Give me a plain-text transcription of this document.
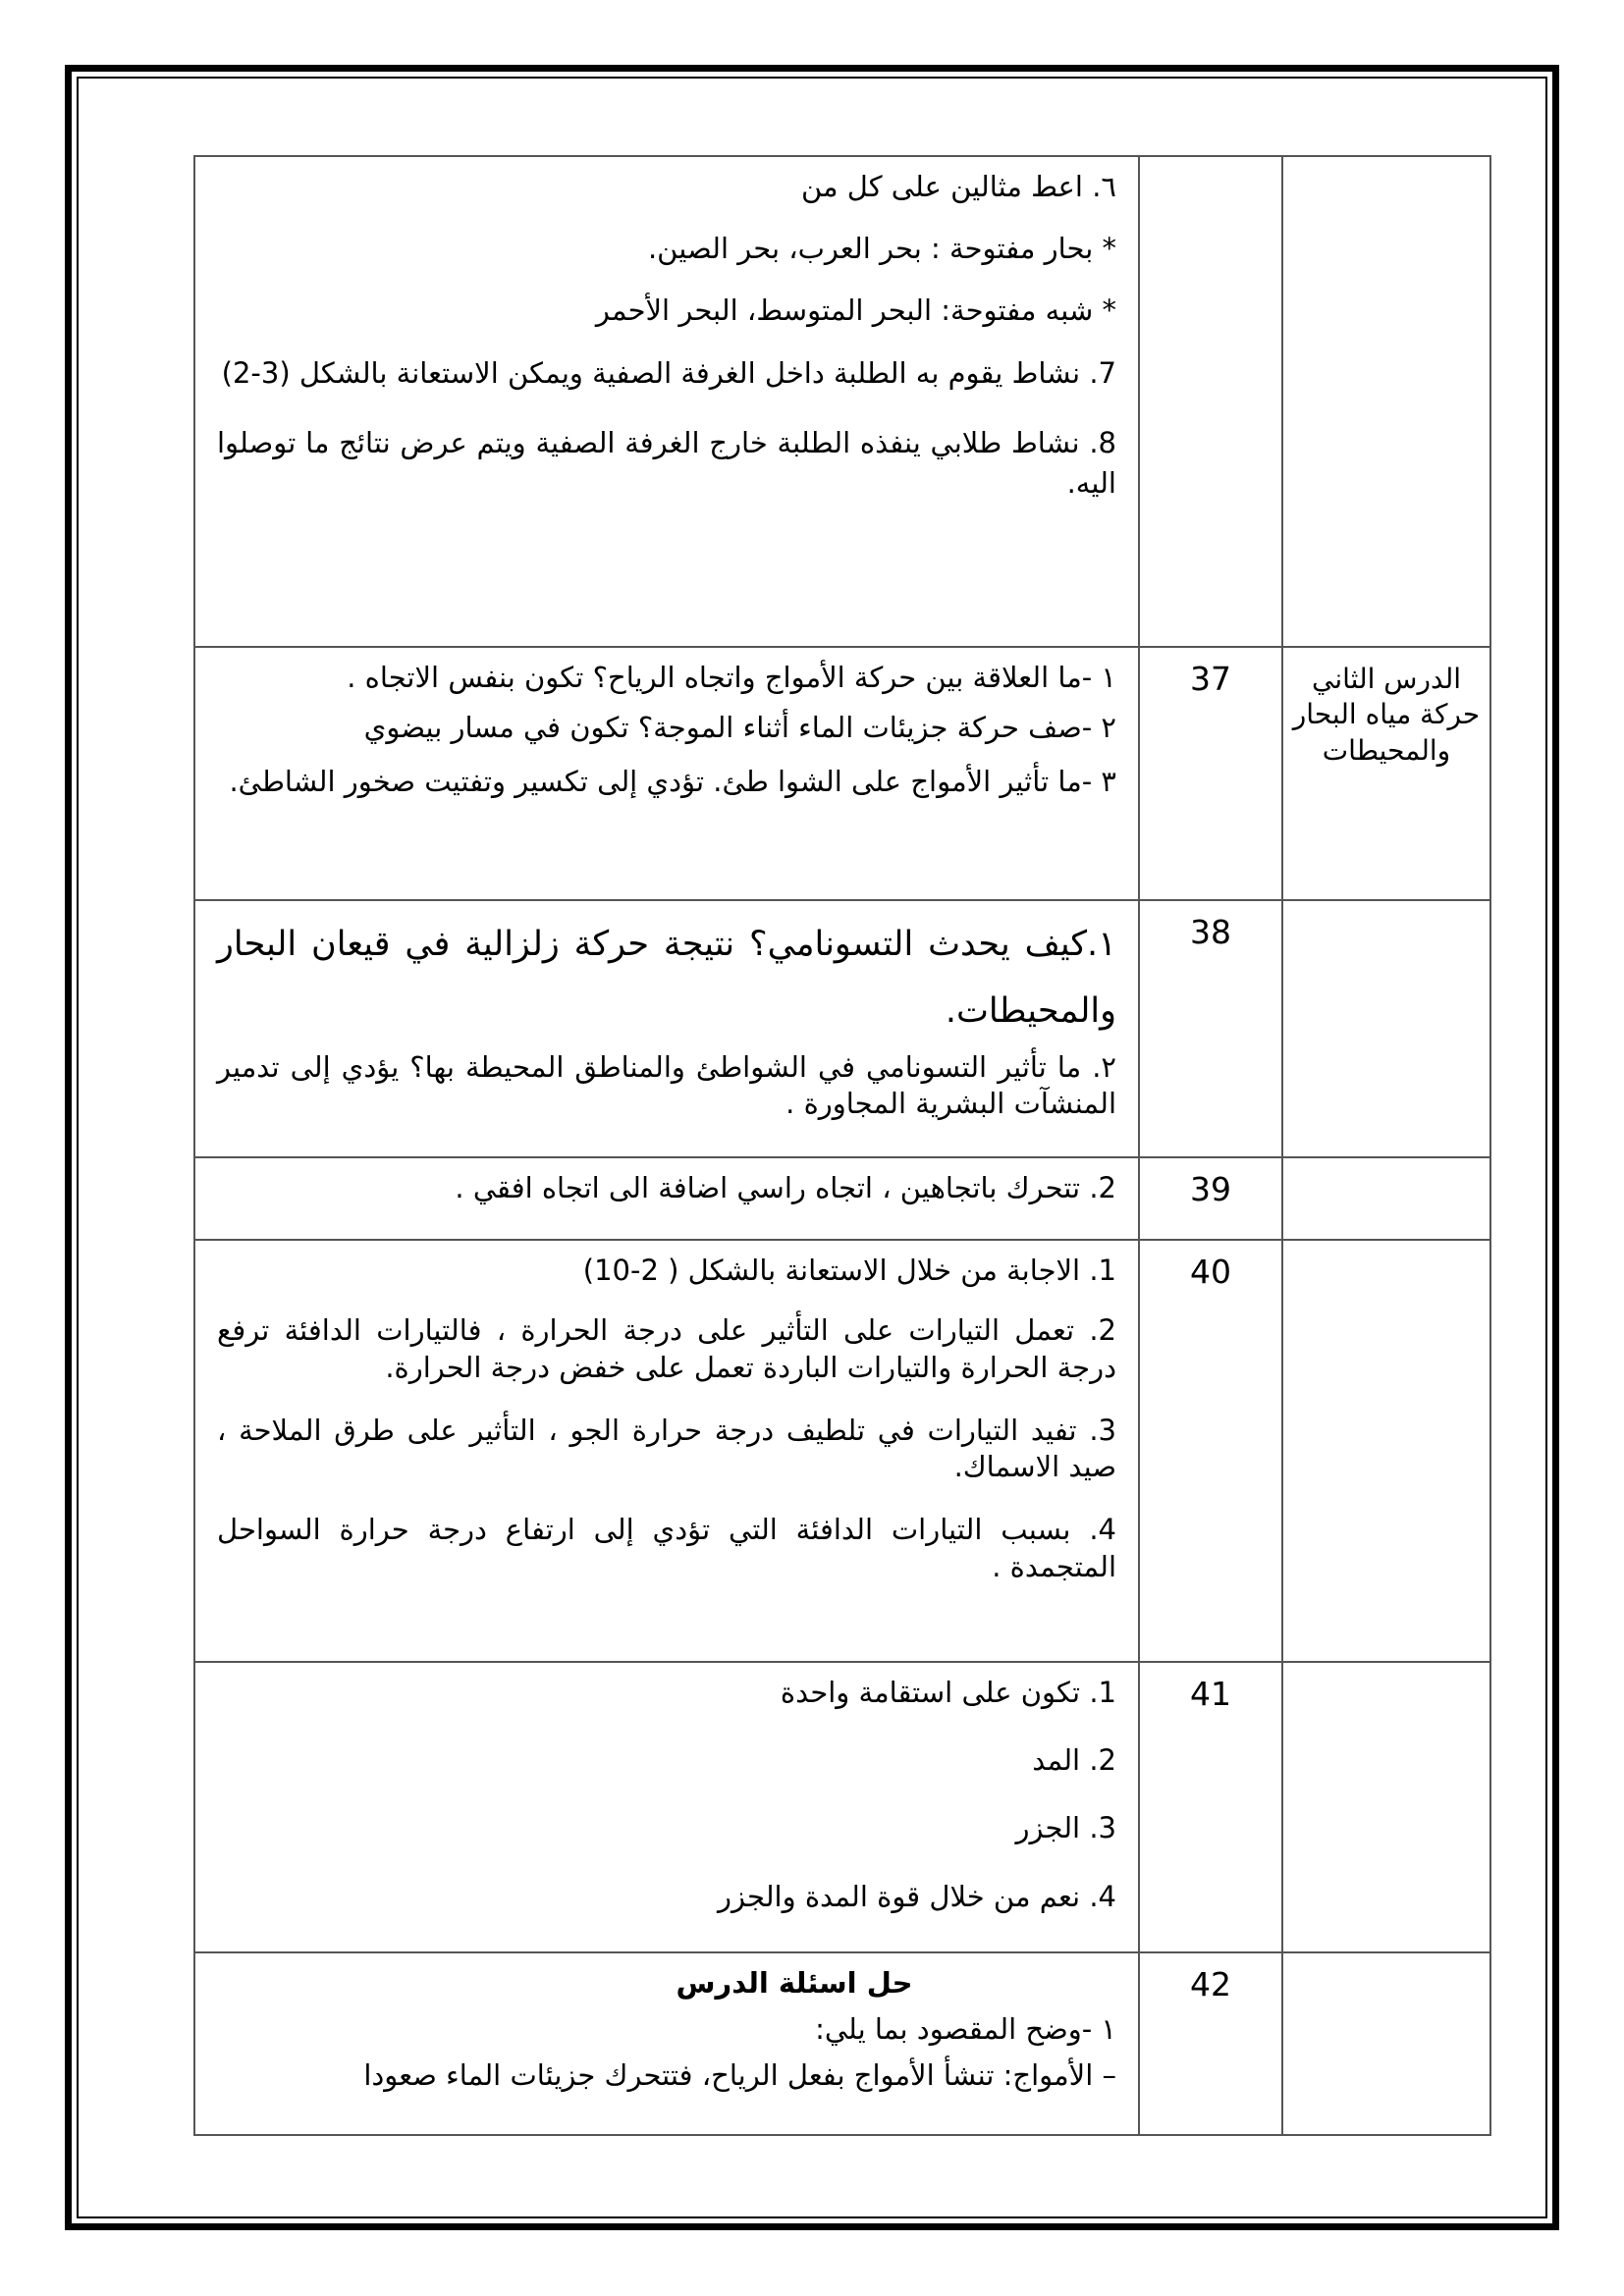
		٦. اعط مثالين على كل من
* بحار مفتوحة : بحر العرب، بحر الصين.
* شبه مفتوحة: البحر المتوسط، البحر الأحمر
7. نشاط يقوم به الطلبة داخل الغرفة الصفية ويمكن الاستعانة بالشكل (3-2)
8. نشاط طلابي ينفذه الطلبة خارج الغرفة الصفية ويتم عرض نتائج ما توصلوا اليه.

الدرس الثاني حركة مياه البحار والمحيطات	37	١ -ما العلاقة بين حركة الأمواج واتجاه الرياح؟ تكون بنفس الاتجاه .
٢ -صف حركة جزيئات الماء أثناء الموجة؟ تكون في مسار بيضوي
٣ -ما تأثير الأمواج على الشوا طئ. تؤدي إلى تكسير وتفتيت صخور الشاطئ.

	38	١.كيف يحدث التسونامي؟ نتيجة حركة زلزالية في قيعان البحار والمحيطات.
٢. ما تأثير التسونامي في الشواطئ والمناطق المحيطة بها؟ يؤدي إلى تدمير المنشآت البشرية المجاورة .

	39	2. تتحرك باتجاهين ، اتجاه راسي اضافة الى اتجاه افقي .

	40	1. الاجابة من خلال الاستعانة بالشكل ( 2-10)
2. تعمل التيارات على التأثير على درجة الحرارة ، فالتيارات الدافئة ترفع درجة الحرارة والتيارات الباردة تعمل على خفض درجة الحرارة.
3. تفيد التيارات في تلطيف درجة حرارة الجو ، التأثير على طرق الملاحة ، صيد الاسماك.
4. بسبب التيارات الدافئة التي تؤدي إلى ارتفاع درجة حرارة السواحل المتجمدة .

	41	1. تكون على استقامة واحدة
2. المد
3. الجزر
4. نعم من خلال قوة المدة والجزر

	42	حل اسئلة الدرس
١ -وضح المقصود بما يلي:
– الأمواج: تنشأ الأمواج بفعل الرياح، فتتحرك جزيئات الماء صعودا
